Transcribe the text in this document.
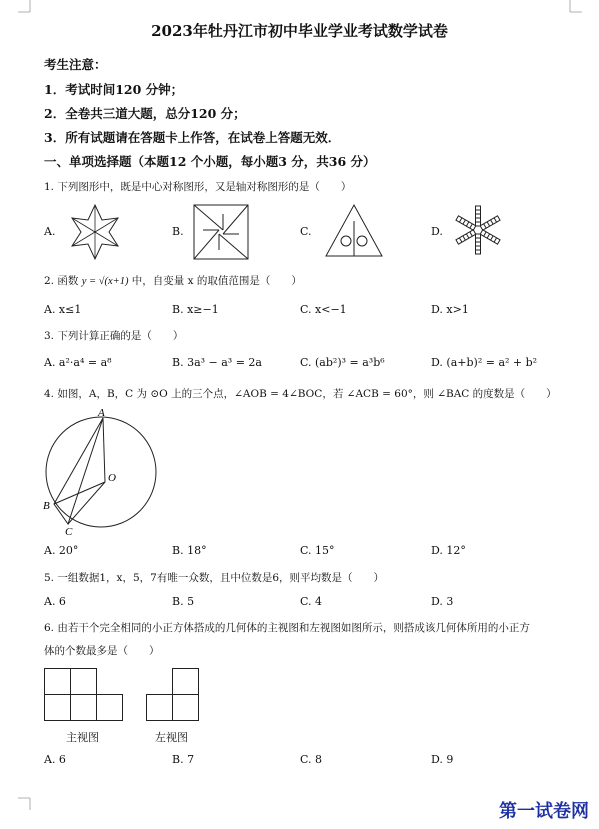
2023年牡丹江市初中毕业学业考试数学试卷
考生注意：
1．考试时间120 分钟；
2．全卷共三道大题，总分120 分；
3．所有试题请在答题卡上作答，在试卷上答题无效．
一、单项选择题（本题12 个小题，每小题3 分，共36 分）
1. 下列图形中，既是中心对称图形，又是轴对称图形的是（　　）
A.	B.	C.	D.
2. 函数 y = √(x+1) 中，自变量 x 的取值范围是（　　）
A. x≤1	B. x≥−1	C. x<−1	D. x>1
3. 下列计算正确的是（　　）
A. a²·a⁴ = a⁸	B. 3a³ − a³ = 2a	C. (ab²)³ = a³b⁶	D. (a+b)² = a² + b²
4. 如图，A，B，C 为 ⊙O 上的三个点，∠AOB = 4∠BOC，若 ∠ACB = 60°，则 ∠BAC 的度数是（　　）
A
O
B
C
A. 20°	B. 18°	C. 15°	D. 12°
5. 一组数据1，x，5，7有唯一众数，且中位数是6，则平均数是（　　）
A. 6	B. 5	C. 4	D. 3
6. 由若干个完全相同的小正方体搭成的几何体的主视图和左视图如图所示，则搭成该几何体所用的小正方
体的个数最多是（　　）
主视图	左视图
A. 6	B. 7	C. 8	D. 9
第一试卷网
